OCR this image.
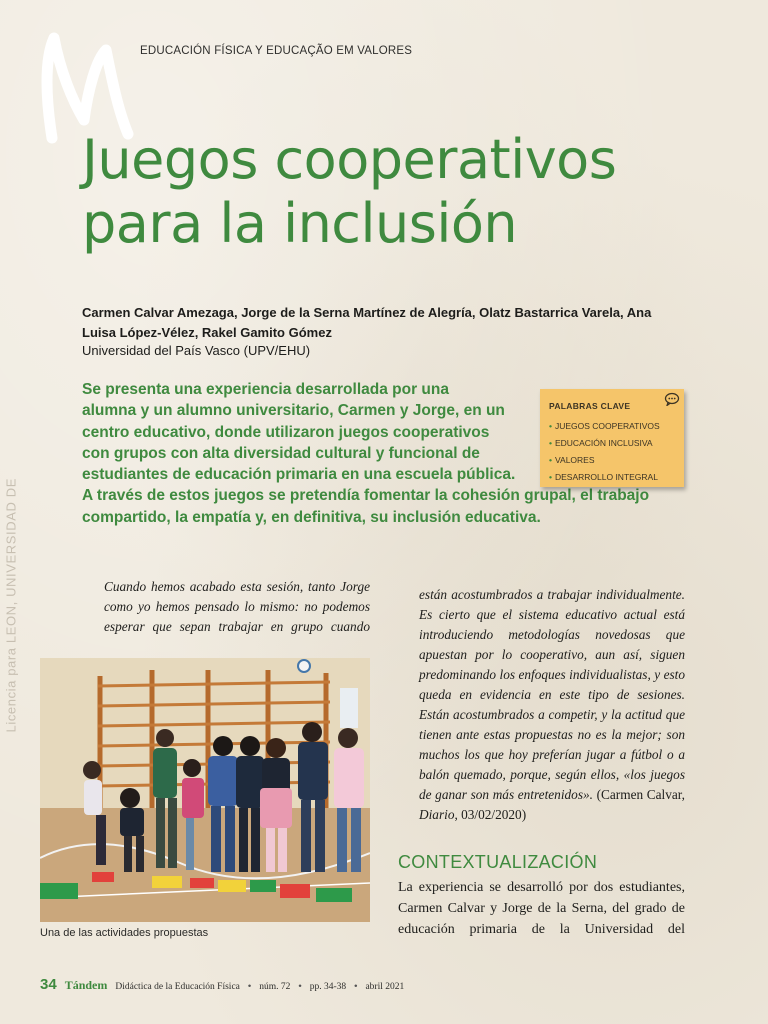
EDUCACIÓN FÍSICA Y EDUCAÇÃO EM VALORES
Juegos cooperativos
para la inclusión
Carmen Calvar Amezaga, Jorge de la Serna Martínez de Alegría, Olatz Bastarrica Varela, Ana Luisa López-Vélez, Rakel Gamito Gómez
Universidad del País Vasco (UPV/EHU)
Licencia para LEON, UNIVERSIDAD DE
Se presenta una experiencia desarrollada por una
alumna y un alumno universitario, Carmen y Jorge, en un
centro educativo, donde utilizaron juegos cooperativos
con grupos con alta diversidad cultural y funcional de
estudiantes de educación primaria en una escuela pública.
A través de estos juegos se pretendía fomentar la cohesión grupal, el trabajo compartido, la empatía y, en definitiva, su inclusión educativa.
PALABRAS CLAVE
• JUEGOS COOPERATIVOS
• EDUCACIÓN INCLUSIVA
• VALORES
• DESARROLLO INTEGRAL
Cuando hemos acabado esta sesión, tanto Jorge como yo hemos pensado lo mismo: no podemos esperar que sepan trabajar en grupo cuando
están acostumbrados a trabajar individualmente. Es cierto que el sistema educativo actual está introduciendo metodologías novedosas que apuestan por lo cooperativo, aun así, siguen predominando los enfoques individualistas, y esto queda en evidencia en este tipo de sesiones. Están acostumbrados a competir, y la actitud que tienen ante estas propuestas no es la mejor; son muchos los que hoy preferían jugar a fútbol o a balón quemado, porque, según ellos, «los juegos de ganar son más entretenidos». (Carmen Calvar, Diario, 03/02/2020)
Una de las actividades propuestas
CONTEXTUALIZACIÓN
La experiencia se desarrolló por dos estudiantes, Carmen Calvar y Jorge de la Serna, del grado de educación primaria de la Universidad del
34 Tándem Didáctica de la Educación Física • núm. 72 • pp. 34-38 • abril 2021
